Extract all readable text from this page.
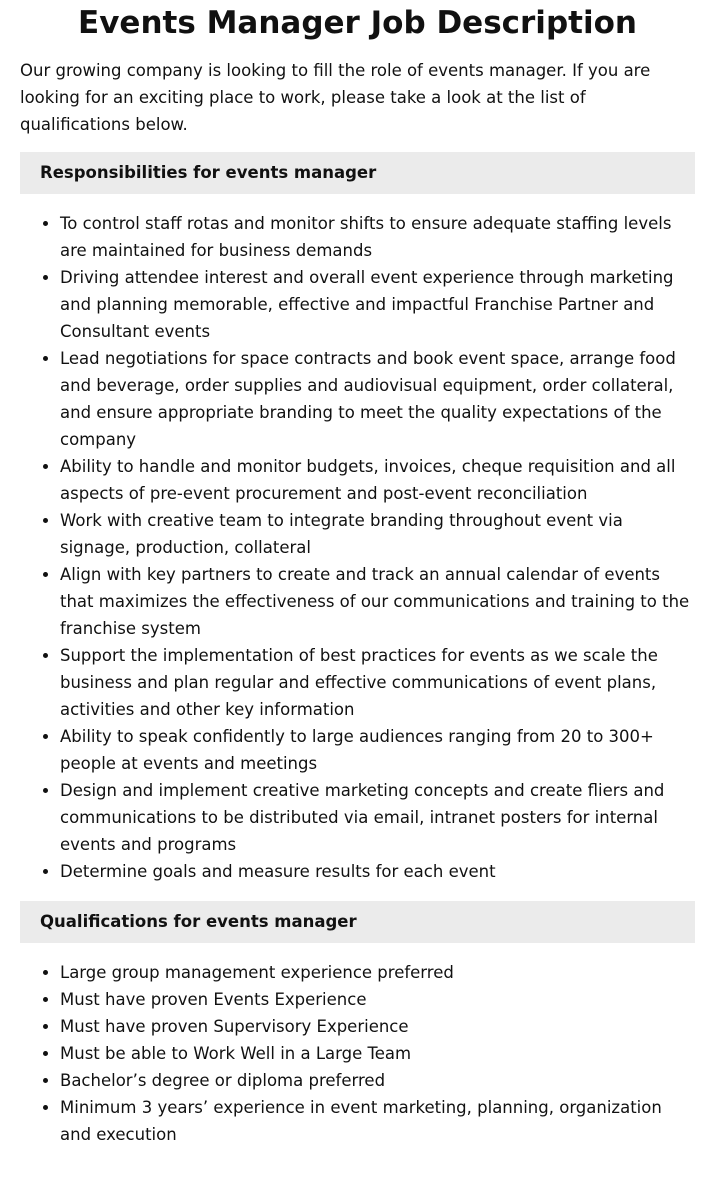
Events Manager Job Description

Our growing company is looking to fill the role of events manager. If you are looking for an exciting place to work, please take a look at the list of qualifications below.

Responsibilities for events manager
• To control staff rotas and monitor shifts to ensure adequate staffing levels are maintained for business demands
• Driving attendee interest and overall event experience through marketing and planning memorable, effective and impactful Franchise Partner and Consultant events
• Lead negotiations for space contracts and book event space, arrange food and beverage, order supplies and audiovisual equipment, order collateral, and ensure appropriate branding to meet the quality expectations of the company
• Ability to handle and monitor budgets, invoices, cheque requisition and all aspects of pre-event procurement and post-event reconciliation
• Work with creative team to integrate branding throughout event via signage, production, collateral
• Align with key partners to create and track an annual calendar of events that maximizes the effectiveness of our communications and training to the franchise system
• Support the implementation of best practices for events as we scale the business and plan regular and effective communications of event plans, activities and other key information
• Ability to speak confidently to large audiences ranging from 20 to 300+ people at events and meetings
• Design and implement creative marketing concepts and create fliers and communications to be distributed via email, intranet posters for internal events and programs
• Determine goals and measure results for each event
Qualifications for events manager
• Large group management experience preferred
• Must have proven Events Experience
• Must have proven Supervisory Experience
• Must be able to Work Well in a Large Team
• Bachelor’s degree or diploma preferred
• Minimum 3 years’ experience in event marketing, planning, organization and execution
